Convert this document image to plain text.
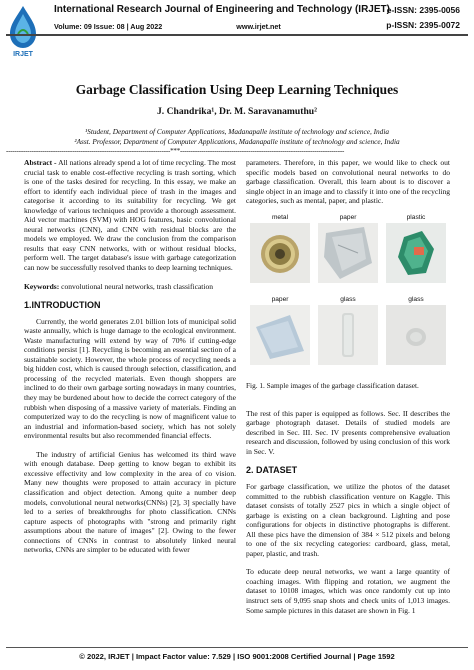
IRJET
International Research Journal of Engineering and Technology (IRJET)
Volume: 09 Issue: 08 | Aug 2022	www.irjet.net
e-ISSN: 2395-0056
p-ISSN: 2395-0072
Garbage Classification Using Deep Learning Techniques
J. Chandrika¹, Dr. M. Saravanamuthu²
¹Student, Department of Computer Applications, Madanapalle institute of technology and science, India
²Asst. Professor, Department of Computer Applications, Madanapalle institute of technology and science, India
-----------------------------------------------------------------------------***-----------------------------------------------------------------------------

Abstract - All nations already spend a lot of time recycling. The most crucial task to enable cost-effective recycling is trash sorting, which is one of the tasks desired for recycling. In this essay, we make an effort to identify each individual piece of trash in the images and categorise it according to its suitability for recycling. We get knowledge of various techniques and provide a thorough assessment. Aid vector machines (SVM) with HOG features, basic convolutional neural networks (CNN), and CNN with residual blocks are the models we employed. We draw the conclusion from the comparison results that easy CNN networks, with or without residual blocks, perform well. The target database's issue with garbage categorization can now be successfully resolved thanks to deep learning techniques.

Keywords: convolutional neural networks, trash classification

1.INTRODUCTION

Currently, the world generates 2.01 billion lots of municipal solid waste annually, which is huge damage to the ecological environment. Waste manufacturing will extend by way of 70% if cutting-edge conditions persist [1]. Recycling is becoming an essential section of a sustainable society. However, the whole process of recycling needs a big hidden cost, which is caused through selection, classification, and processing of the recycled materials. Even though shoppers are inclined to do their own garbage sorting nowadays in many countries, they may be burdened about how to decide the correct category of the rubbish when disposing of a massive variety of materials. Finding an computerized way to do the recycling is now of magnificent value to an industrial and information-based society, which has not solely environmental results but also recommended financial effects.

The industry of artificial Genius has welcomed its third wave with enough database. Deep getting to know began to exhibit its excessive effectivity and low complexity in the area of co vision. Many new thoughts were proposed to attain accuracy in picture classification and object detection. Among quite a number deep models, convolutional neural networks(CNNs) [2], 3] specially have led to a series of breakthroughs for photo classification. CNNs capture aspects of photographs with "strong and primarily right assumptions about the nature of images" [2]. Owing to the fewer connections of CNNs in contrast to absolutely linked neural networks, CNNs are simpler to be educated with fewer

parameters. Therefore, in this paper, we would like to check out specific models based on convolutional neural networks to do garbage classification. Overall, this learn about is to discover a single object in an image and to classify it into one of the recycling categories, such as mental, paper, and plastic.

metal	paper	plastic
paper	glass	glass

Fig. 1. Sample images of the garbage classification dataset.

The rest of this paper is equipped as follows. Sec. II describes the garbage photograph dataset. Details of studied models are described in Sec. III. Sec. IV presents comprehensive evaluation research and discussion, followed by using conclusion of this work in Sec. V.

2. DATASET

For garbage classification, we utilize the photos of the dataset committed to the rubbish classification venture on Kaggle. This dataset consists of totally 2527 pics in which a single object of garbage is existing on a clean background. Lighting and pose configurations for objects in distinctive photographs is different. All these pics have the dimension of 384 × 512 pixels and belong to one of the six recycling categories: cardboard, glass, metal, paper, plastic, and trash.

To educate deep neural networks, we want a large quantity of coaching images. With flipping and rotation, we augment the dataset to 10108 images, which was once randomly cut up into instruct sets of 9,095 snap shots and check units of 1,013 images. Some sample pictures in this dataset are shown in Fig. 1

© 2022, IRJET | Impact Factor value: 7.529 | ISO 9001:2008 Certified Journal | Page 1592
